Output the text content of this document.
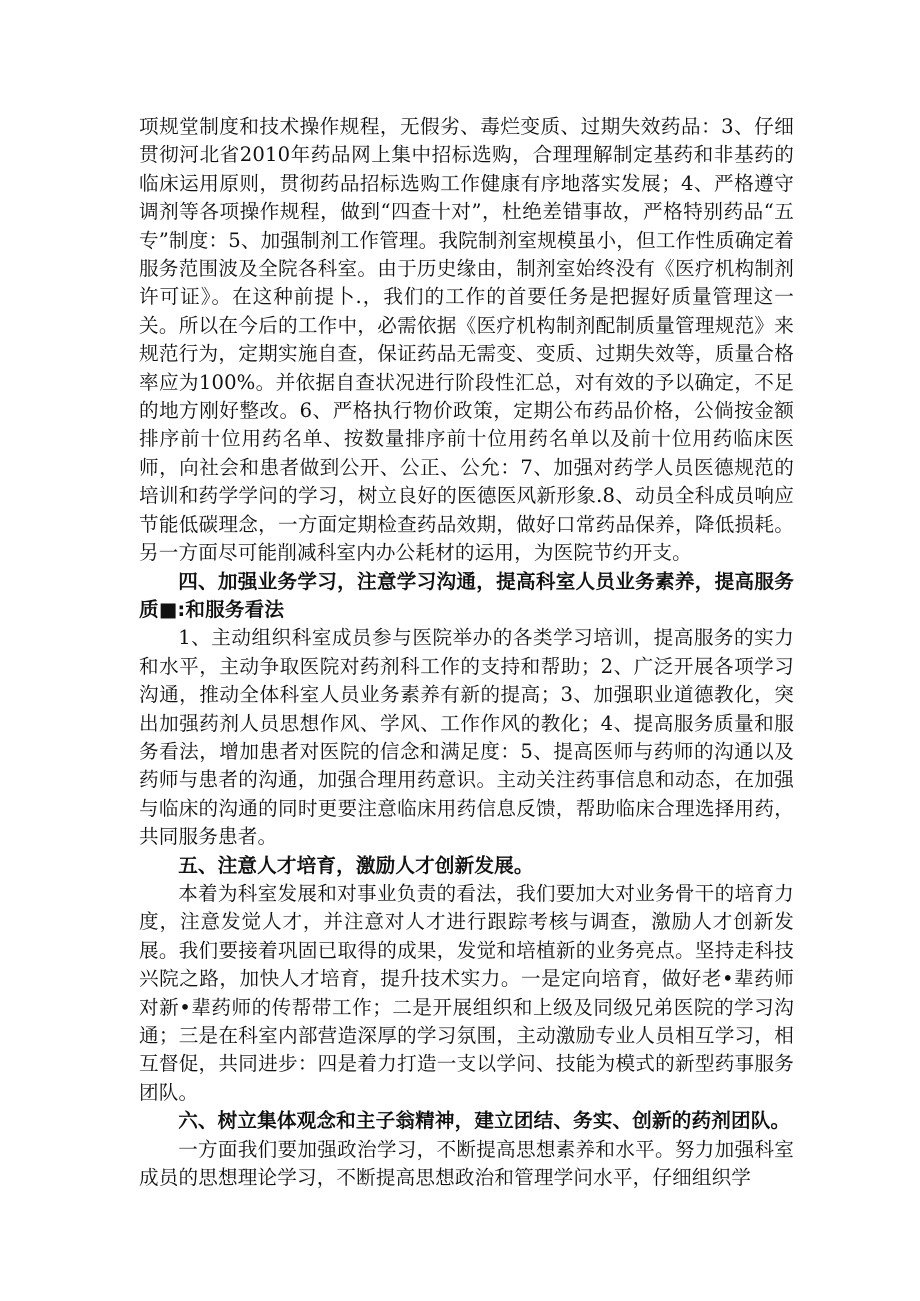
项规堂制度和技术操作规程，无假劣、毒烂变质、过期失效药品：3、仔细贯彻河北省2010年药品网上集中招标选购，合理理解制定基药和非基药的临床运用原则，贯彻药品招标选购工作健康有序地落实发展；4、严格遵守调剂等各项操作规程，做到“四查十对”，杜绝差错事故，严格特别药品“五专”制度：5、加强制剂工作管理。我院制剂室规模虽小，但工作性质确定着服务范围波及全院各科室。由于历史缘由，制剂室始终没有《医疗机构制剂许可证》。在这种前提卜.，我们的工作的首要任务是把握好质量管理这一关。所以在今后的工作中，必需依据《医疗机构制剂配制质量管理规范》来规范行为，定期实施自查，保证药品无需变、变质、过期失效等，质量合格率应为100%。并依据自查状况进行阶段性汇总，对有效的予以确定，不足的地方刚好整改。6、严格执行物价政策，定期公布药品价格，公倘按金额排序前十位用药名单、按数量排序前十位用药名单以及前十位用药临床医师，向社会和患者做到公开、公正、公允：7、加强对药学人员医德规范的培训和药学学问的学习，树立良好的医德医风新形象.8、动员全科成员响应节能低碳理念，一方面定期检查药品效期，做好口常药品保养，降低损耗。另一方面尽可能削减科室内办公耗材的运用，为医院节约开支。

四、加强业务学习，注意学习沟通，提高科室人员业务素养，提高服务质■:和服务看法

1、主动组织科室成员参与医院举办的各类学习培训，提高服务的实力和水平，主动争取医院对药剂科工作的支持和帮助；2、广泛开展各项学习沟通，推动全体科室人员业务素养有新的提高；3、加强职业道德教化，突出加强药剂人员思想作风、学风、工作作风的教化；4、提高服务质量和服务看法，增加患者对医院的信念和满足度：5、提高医师与药师的沟通以及药师与患者的沟通，加强合理用药意识。主动关注药事信息和动态，在加强与临床的沟通的同时更要注意临床用药信息反馈，帮助临床合理选择用药，共同服务患者。

五、注意人才培育，激励人才创新发展。

本着为科室发展和对事业负责的看法，我们要加大对业务骨干的培育力度，注意发觉人才，并注意对人才进行跟踪考核与调查，激励人才创新发展。我们要接着巩固已取得的成果，发觉和培植新的业务亮点。坚持走科技兴院之路，加快人才培育，提升技术实力。一是定向培育，做好老•辈药师对新•辈药师的传帮带工作；二是开展组织和上级及同级兄弟医院的学习沟通；三是在科室内部营造深厚的学习氛围，主动激励专业人员相互学习，相互督促，共同进步：四是着力打造一支以学问、技能为模式的新型药事服务团队。

六、树立集体观念和主子翁精神，建立团结、务实、创新的药剂团队。

一方面我们要加强政治学习，不断提高思想素养和水平。努力加强科室成员的思想理论学习，不断提高思想政治和管理学问水平，仔细组织学
